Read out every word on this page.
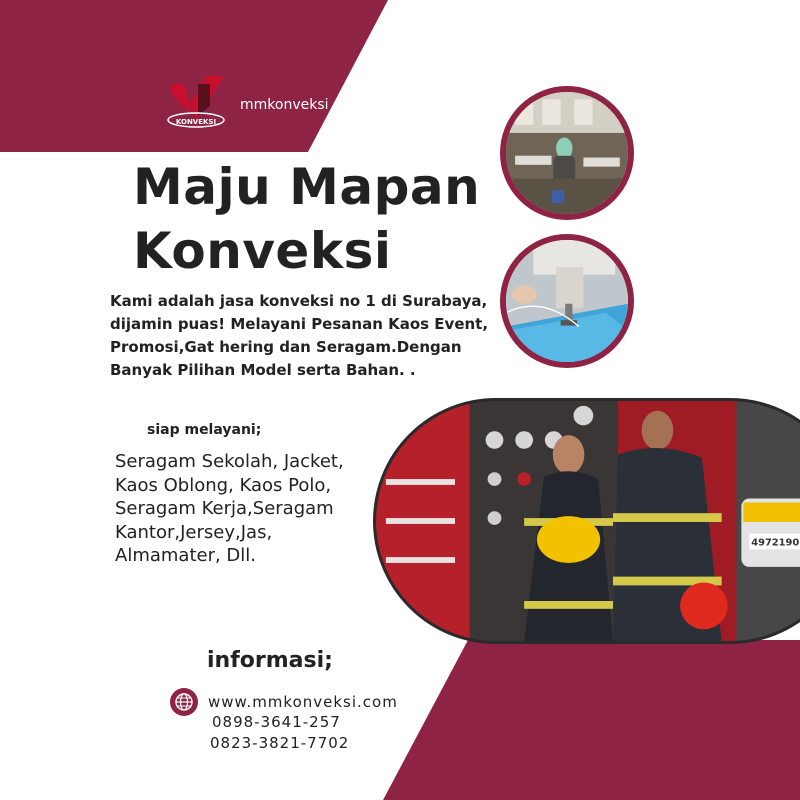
KONVEKSI
mmkonveksi
Maju Mapan
Konveksi

Kami adalah jasa konveksi no 1 di Surabaya, dijamin puas! Melayani Pesanan Kaos Event, Promosi,Gat hering dan Seragam.Dengan Banyak Pilihan Model serta Bahan. .

siap melayani;

Seragam Sekolah, Jacket, Kaos Oblong, Kaos Polo, Seragam Kerja,Seragam Kantor,Jersey,Jas, Almamater, Dll.

4972190
informasi;
www.mmkonveksi.com
0898-3641-257
0823-3821-7702
